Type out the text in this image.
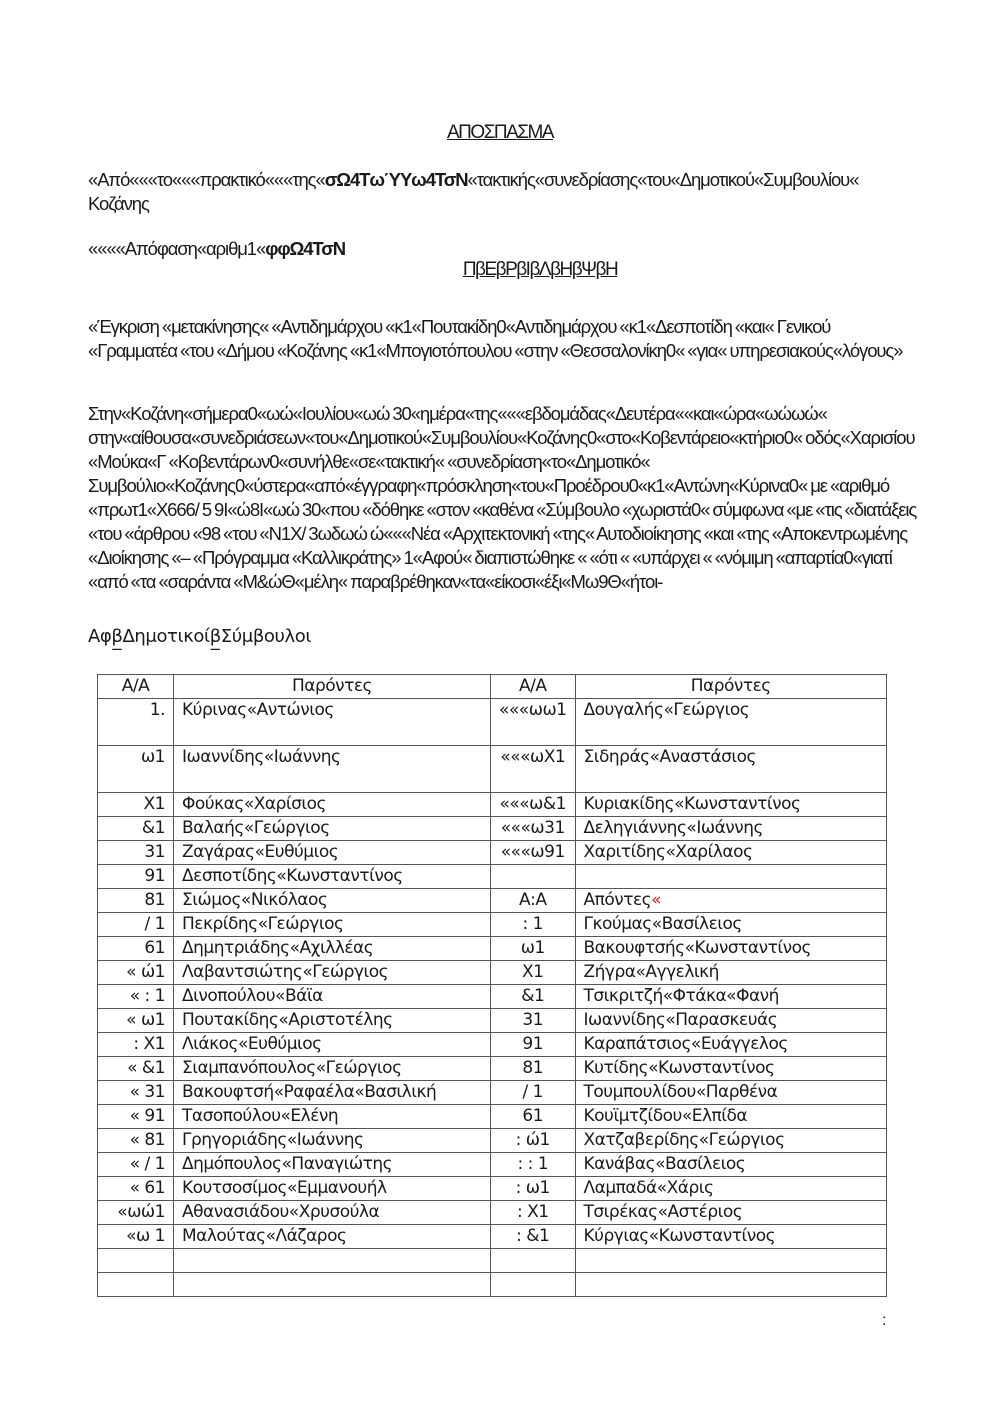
ΑΠΟΣΠΑΣΜΑ
«Από«««το«««πρακτικό«««της«σΩ4ΤωΎΥω4ΤσΝ«τακτικής«συνεδρίασης«του«Δημοτικού«Συμβουλίου« Κοζάνης
««««Απόφαση«αριθμ1«φφΩ4ΤσΝ
ΠβΕβΡβΙβΛβΗβΨβΗ
«Έγκριση «μετακίνησης« «Αντιδημάρχου «κ1«Πουτακίδη0«Αντιδημάρχου «κ1«Δεσποτίδη «και« Γενικού «Γραμματέα «του «Δήμου «Κοζάνης «κ1«Μπογιοτόπουλου «στην «Θεσσαλονίκη0« «για« υπηρεσιακούς«λόγους»
Στην«Κοζάνη«σήμερα0«ωώ«Ιουλίου«ωώ 30«ημέρα«της«««εβδομάδας«Δευτέρα««και«ώρα«ωώωώ« στην«αίθουσα«συνεδριάσεων«του«Δημοτικού«Συμβουλίου«Κοζάνης0«στο«Κοβεντάρειο«κτήριο0« οδός«Χαρισίου «Μούκα«Γ «Κοβεντάρων0«συνήλθε«σε«τακτική« «συνεδρίαση«το«Δημοτικό« Συμβούλιο«Κοζάνης0«ύστερα«από«έγγραφη«πρόσκληση«του«Προέδρου0«κ1«Αντώνη«Κύρινα0« με «αριθμό «πρωτ1«Χ666/ 5 9Ι«ώ8Ι«ωώ 30«που «δόθηκε «στον «καθένα «Σύμβουλο «χωριστά0« σύμφωνα «με «τις «διατάξεις «του «άρθρου «98 «του «Ν1Χ/ 3ωδωώ ώ«««Νέα «Αρχιτεκτονική «της« Αυτοδιοίκησης «και «της «Αποκεντρωμένης «Διοίκησης «– «Πρόγραμμα «Καλλικράτης» 1«Αφού« διαπιστώθηκε « «ότι « «υπάρχει « «νόμιμη «απαρτία0«γιατί «από «τα «σαράντα «Μ&ώΘ«μέλη« παραβρέθηκαν«τα«είκοσι«έξι«Μω9Θ«ήτοι-
Αφβ̲Δημοτικοίβ̲Σύμβουλοι
Α/Α	Παρόντες	Α/Α	Παρόντες
1.	Κύρινας«Αντώνιος	«««ωω1	Δουγαλής«Γεώργιος
ω1	Ιωαννίδης«Ιωάννης	«««ωΧ1	Σιδηράς«Αναστάσιος
Χ1	Φούκας«Χαρίσιος	«««ω&1	Κυριακίδης«Κωνσταντίνος
&1	Βαλαής«Γεώργιος	«««ω31	Δεληγιάννης«Ιωάννης
31	Ζαγάρας«Ευθύμιος	«««ω91	Χαριτίδης«Χαρίλαος
91	Δεσποτίδης«Κωνσταντίνος		
81	Σιώμος«Νικόλαος	Α:Α	Απόντες«
/ 1	Πεκρίδης«Γεώργιος	: 1	Γκούμας«Βασίλειος
61	Δημητριάδης«Αχιλλέας	ω1	Βακουφτσής«Κωνσταντίνος
« ώ1	Λαβαντσιώτης«Γεώργιος	Χ1	Ζήγρα«Αγγελική
« : 1	Δινοπούλου«Βάϊα	&1	Τσικριτζή«Φτάκα«Φανή
« ω1	Πουτακίδης«Αριστοτέλης	31	Ιωαννίδης«Παρασκευάς
: Χ1	Λιάκος«Ευθύμιος	91	Καραπάτσιος«Ευάγγελος
« &1	Σιαμπανόπουλος«Γεώργιος	81	Κυτίδης«Κωνσταντίνος
« 31	Βακουφτσή«Ραφαέλα«Βασιλική	/ 1	Τουμπουλίδου«Παρθένα
« 91	Τασοπούλου«Ελένη	61	Κουϊμτζίδου«Ελπίδα
« 81	Γρηγοριάδης«Ιωάννης	: ώ1	Χατζαβερίδης«Γεώργιος
« / 1	Δημόπουλος«Παναγιώτης	: : 1	Κανάβας«Βασίλειος
« 61	Κουτσοσίμος«Εμμανουήλ	: ω1	Λαμπαδά«Χάρις
«ωώ1	Αθανασιάδου«Χρυσούλα	: Χ1	Τσιρέκας«Αστέριος
«ω 1	Μαλούτας«Λάζαρος	: &1	Κύργιας«Κωνσταντίνος

:
